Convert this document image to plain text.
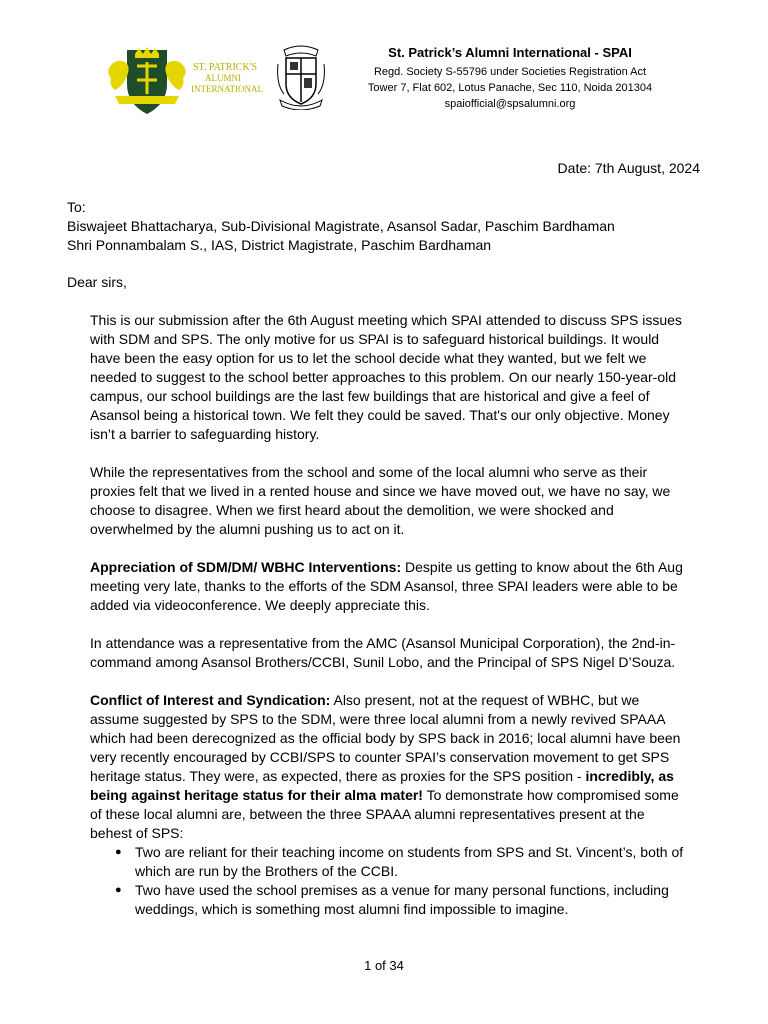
ST. PATRICK'S
ALUMNI
INTERNATIONAL
St. Patrick’s Alumni International - SPAI
Regd. Society S-55796 under Societies Registration Act
Tower 7, Flat 602, Lotus Panache, Sec 110, Noida 201304
spaiofficial@spsalumni.org
Date: 7th August, 2024
To:
Biswajeet Bhattacharya, Sub-Divisional Magistrate, Asansol Sadar, Paschim Bardhaman
Shri Ponnambalam S., IAS, District Magistrate, Paschim Bardhaman
Dear sirs,

This is our submission after the 6th August meeting which SPAI attended to discuss SPS issues with SDM and SPS. The only motive for us SPAI is to safeguard historical buildings. It would have been the easy option for us to let the school decide what they wanted, but we felt we needed to suggest to the school better approaches to this problem. On our nearly 150-year-old campus, our school buildings are the last few buildings that are historical and give a feel of Asansol being a historical town. We felt they could be saved. That's our only objective. Money isn’t a barrier to safeguarding history.

While the representatives from the school and some of the local alumni who serve as their proxies felt that we lived in a rented house and since we have moved out, we have no say, we choose to disagree. When we first heard about the demolition, we were shocked and overwhelmed by the alumni pushing us to act on it.

Appreciation of SDM/DM/ WBHC Interventions: Despite us getting to know about the 6th Aug meeting very late, thanks to the efforts of the SDM Asansol, three SPAI leaders were able to be added via videoconference. We deeply appreciate this.

In attendance was a representative from the AMC (Asansol Municipal Corporation), the 2nd-in-command among Asansol Brothers/CCBI, Sunil Lobo, and the Principal of SPS Nigel D’Souza.

Conflict of Interest and Syndication: Also present, not at the request of WBHC, but we assume suggested by SPS to the SDM, were three local alumni from a newly revived SPAAA which had been derecognized as the official body by SPS back in 2016; local alumni have been very recently encouraged by CCBI/SPS to counter SPAI’s conservation movement to get SPS heritage status. They were, as expected, there as proxies for the SPS position - incredibly, as being against heritage status for their alma mater! To demonstrate how compromised some of these local alumni are, between the three SPAAA alumni representatives present at the behest of SPS:

● Two are reliant for their teaching income on students from SPS and St. Vincent’s, both of which are run by the Brothers of the CCBI.
● Two have used the school premises as a venue for many personal functions, including weddings, which is something most alumni find impossible to imagine.
1 of 34
